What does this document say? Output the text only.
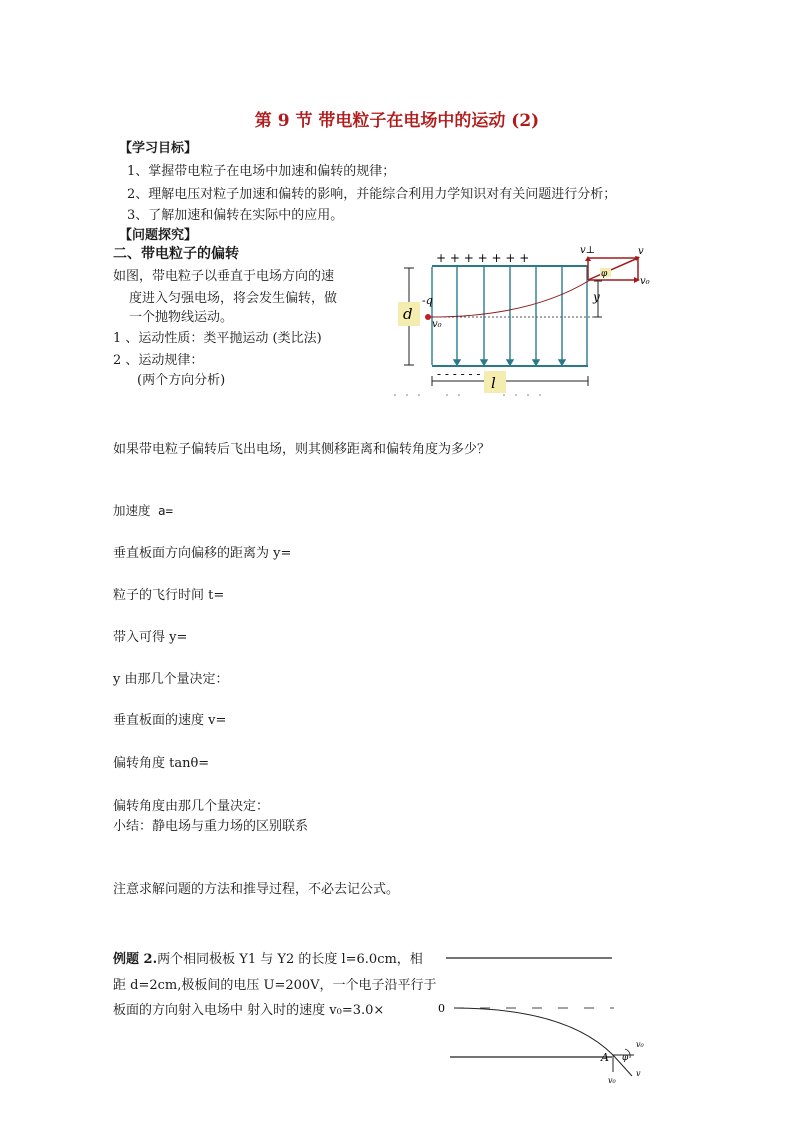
第 9 节 带电粒子在电场中的运动 (2)
【学习目标】
1、掌握带电粒子在电场中加速和偏转的规律；
2、理解电压对粒子加速和偏转的影响，并能综合利用力学知识对有关问题进行分析；
3、了解加速和偏转在实际中的应用。
【问题探究】
二、带电粒子的偏转
如图，带电粒子以垂直于电场方向的速
度进入匀强电场，将会发生偏转，做
一个抛物线运动。
1 、运动性质：类平抛运动 (类比法)
2 、运动规律：
(两个方向分析)
d
+ + + + + + +
- - - - - -
-q
v₀
y
φ
v⊥	v
v₀
l
如果带电粒子偏转后飞出电场，则其侧移距离和偏转角度为多少？
加速度 a=
垂直板面方向偏移的距离为 y=
粒子的飞行时间 t=
带入可得 y=
y 由那几个量决定：
垂直板面的速度 v=
偏转角度 tanθ=
偏转角度由那几个量决定：
小结：静电场与重力场的区别联系
注意求解问题的方法和推导过程，不必去记公式。
例题 2.两个相同极板 Y1 与 Y2 的长度 l=6.0cm，相
距 d=2cm,极板间的电压 U=200V，一个电子沿平行于
板面的方向射入电场中 射入时的速度 v₀=3.0×	0
A φ
v₀
v
v₀
